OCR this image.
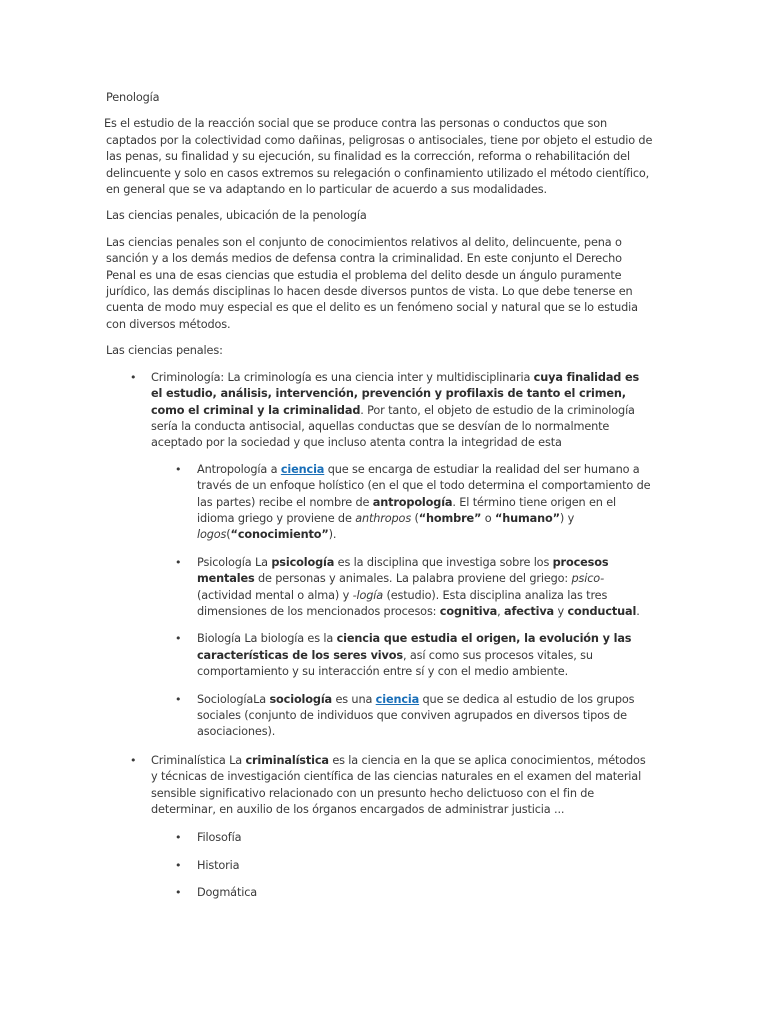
Penología

Es el estudio de la reacción social que se produce contra las personas o conductos que son captados por la colectividad como dañinas, peligrosas o antisociales, tiene por objeto el estudio de las penas, su finalidad y su ejecución, su finalidad es la corrección, reforma o rehabilitación del delincuente y solo en casos extremos su relegación o confinamiento utilizado el método científico, en general que se va adaptando en lo particular de acuerdo a sus modalidades.

Las ciencias penales, ubicación de la penología

Las ciencias penales son el conjunto de conocimientos relativos al delito, delincuente, pena o sanción y a los demás medios de defensa contra la criminalidad. En este conjunto el Derecho Penal es una de esas ciencias que estudia el problema del delito desde un ángulo puramente jurídico, las demás disciplinas lo hacen desde diversos puntos de vista. Lo que debe tenerse en cuenta de modo muy especial es que el delito es un fenómeno social y natural que se lo estudia con diversos métodos.

Las ciencias penales:

• Criminología: La criminología es una ciencia inter y multidisciplinaria cuya finalidad es el estudio, análisis, intervención, prevención y profilaxis de tanto el crimen, como el criminal y la criminalidad. Por tanto, el objeto de estudio de la criminología sería la conducta antisocial, aquellas conductas que se desvían de lo normalmente aceptado por la sociedad y que incluso atenta contra la integridad de esta
• Antropología a ciencia que se encarga de estudiar la realidad del ser humano a través de un enfoque holístico (en el que el todo determina el comportamiento de las partes) recibe el nombre de antropología. El término tiene origen en el idioma griego y proviene de anthropos (“hombre” o “humano”) y logos(“conocimiento”).
• Psicología La psicología es la disciplina que investiga sobre los procesos mentales de personas y animales. La palabra proviene del griego: psico- (actividad mental o alma) y -logía (estudio). Esta disciplina analiza las tres dimensiones de los mencionados procesos: cognitiva, afectiva y conductual.
• Biología La biología es la ciencia que estudia el origen, la evolución y las características de los seres vivos, así como sus procesos vitales, su comportamiento y su interacción entre sí y con el medio ambiente.
• SociologíaLa sociología es una ciencia que se dedica al estudio de los grupos sociales (conjunto de individuos que conviven agrupados en diversos tipos de asociaciones).
• Criminalística La criminalística es la ciencia en la que se aplica conocimientos, métodos y técnicas de investigación científica de las ciencias naturales en el examen del material sensible significativo relacionado con un presunto hecho delictuoso con el fin de determinar, en auxilio de los órganos encargados de administrar justicia ...
• Filosofía
• Historia
• Dogmática
